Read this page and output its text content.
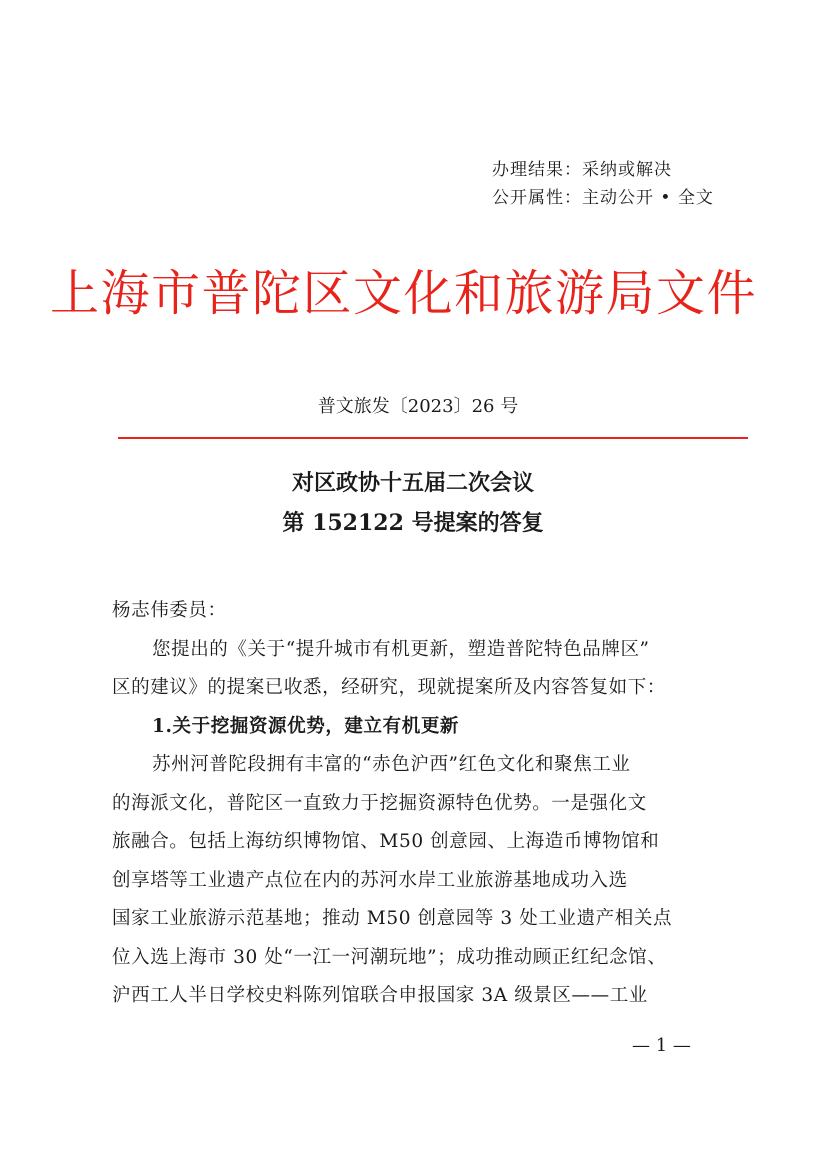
办理结果：采纳或解决
公开属性：主动公开 • 全文
上海市普陀区文化和旅游局文件
普文旅发〔2023〕26 号
对区政协十五届二次会议
第 152122 号提案的答复
杨志伟委员：
您提出的《关于“提升城市有机更新，塑造普陀特色品牌区”
区的建议》的提案已收悉，经研究，现就提案所及内容答复如下：
1.关于挖掘资源优势，建立有机更新
苏州河普陀段拥有丰富的“赤色沪西”红色文化和聚焦工业
的海派文化，普陀区一直致力于挖掘资源特色优势。一是强化文
旅融合。包括上海纺织博物馆、M50 创意园、上海造币博物馆和
创享塔等工业遗产点位在内的苏河水岸工业旅游基地成功入选
国家工业旅游示范基地；推动 M50 创意园等 3 处工业遗产相关点
位入选上海市 30 处“一江一河潮玩地”；成功推动顾正红纪念馆、
沪西工人半日学校史料陈列馆联合申报国家 3A 级景区——工业
— 1 —
